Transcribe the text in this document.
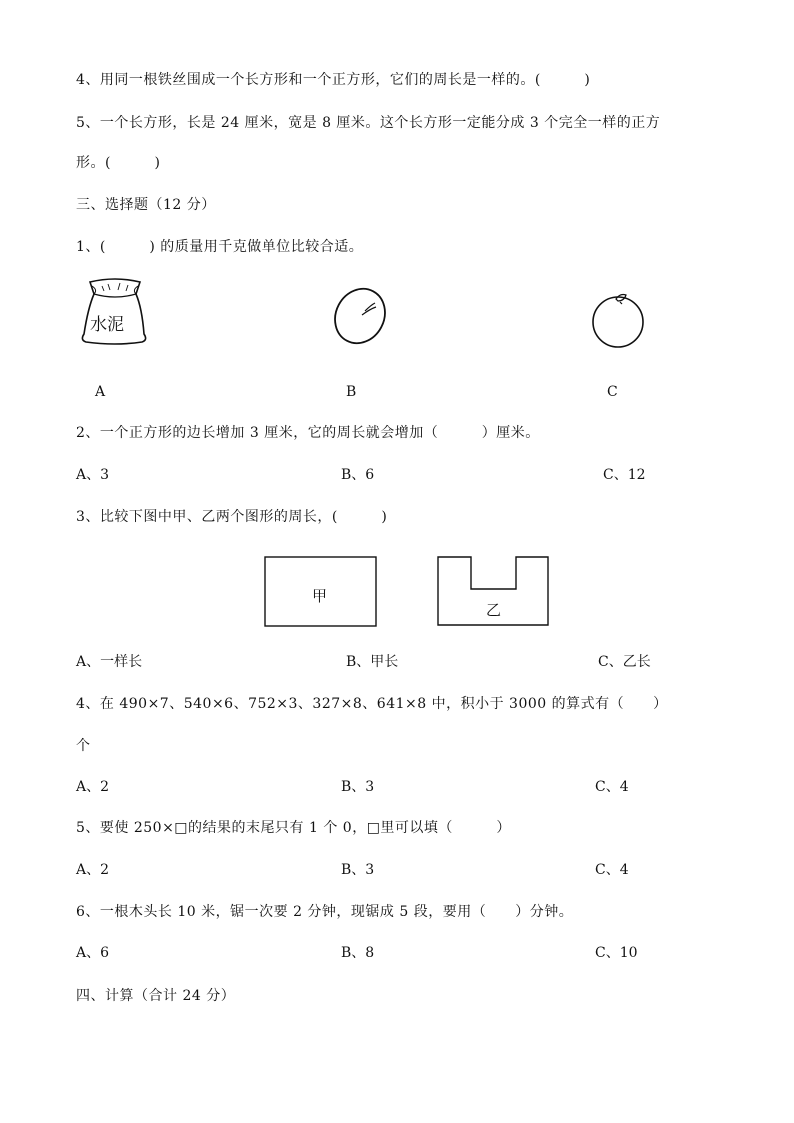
4、用同一根铁丝围成一个长方形和一个正方形，它们的周长是一样的。(　　　)
5、一个长方形，长是 24 厘米，宽是 8 厘米。这个长方形一定能分成 3 个完全一样的正方
形。(　　　)
三、选择题（12 分）
1、(　　　) 的质量用千克做单位比较合适。
水泥
A	B	C
2、一个正方形的边长增加 3 厘米，它的周长就会增加（　　　）厘米。
A、3	B、6	C、12
3、比较下图中甲、乙两个图形的周长，(　　　)
甲
乙
A、一样长	B、甲长	C、乙长
4、在 490×7、540×6、752×3、327×8、641×8 中，积小于 3000 的算式有（　　）
个
A、2	B、3	C、4
5、要使 250×□的结果的末尾只有 1 个 0，□里可以填（　　　）
A、2	B、3	C、4
6、一根木头长 10 米，锯一次要 2 分钟，现锯成 5 段，要用（　　）分钟。
A、6	B、8	C、10
四、计算（合计 24 分）
